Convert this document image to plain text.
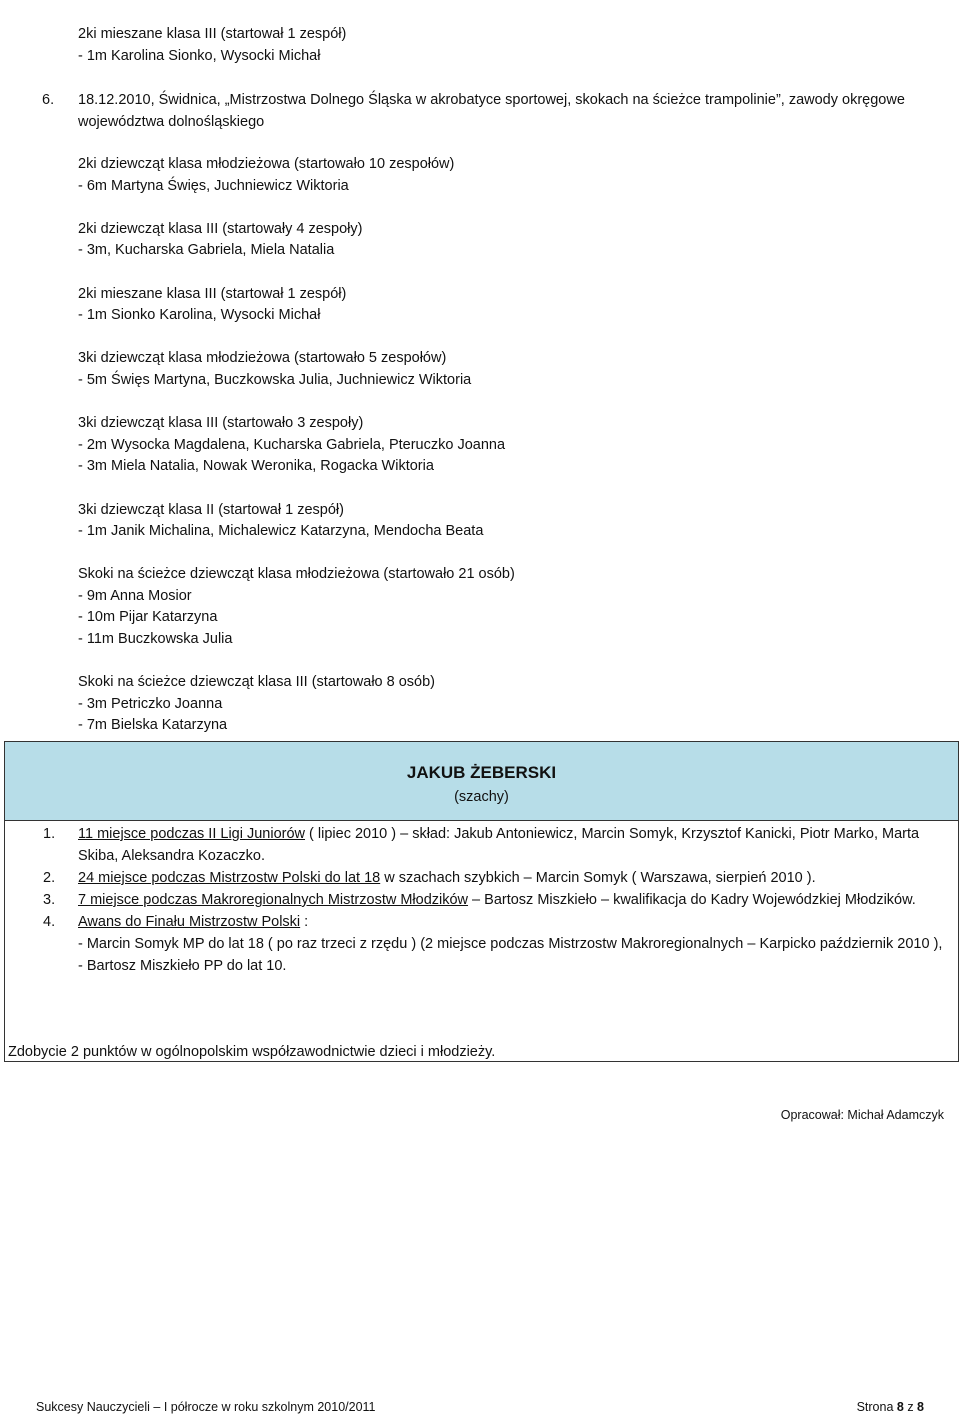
2ki mieszane klasa III (startował 1 zespół)
- 1m Karolina Sionko, Wysocki Michał
6. 18.12.2010, Świdnica, „Mistrzostwa Dolnego Śląska w akrobatyce sportowej, skokach na ścieżce trampolinie”, zawody okręgowe województwa dolnośląskiego
2ki dziewcząt klasa młodzieżowa (startowało 10 zespołów)
- 6m Martyna Święs, Juchniewicz Wiktoria
2ki dziewcząt klasa III (startowały 4 zespoły)
- 3m, Kucharska Gabriela, Miela Natalia
2ki mieszane klasa III (startował 1 zespół)
- 1m Sionko Karolina, Wysocki Michał
3ki dziewcząt klasa młodzieżowa (startowało 5 zespołów)
- 5m Święs Martyna, Buczkowska Julia, Juchniewicz Wiktoria
3ki dziewcząt klasa III (startowało 3 zespoły)
- 2m Wysocka Magdalena, Kucharska Gabriela, Pteruczko Joanna
- 3m Miela Natalia, Nowak Weronika, Rogacka Wiktoria
3ki dziewcząt klasa II (startował 1 zespół)
- 1m Janik Michalina, Michalewicz Katarzyna, Mendocha Beata
Skoki na ścieżce dziewcząt klasa młodzieżowa (startowało 21 osób)
- 9m Anna Mosior
- 10m Pijar Katarzyna
- 11m Buczkowska Julia
Skoki na ścieżce dziewcząt klasa III (startowało 8 osób)
- 3m Petriczko Joanna
- 7m Bielska Katarzyna
JAKUB ŻEBERSKI
(szachy)
1. 11 miejsce podczas II Ligi Juniorów ( lipiec 2010 ) – skład: Jakub Antoniewicz, Marcin Somyk, Krzysztof Kanicki, Piotr Marko, Marta Skiba, Aleksandra Kozaczko.
2. 24 miejsce podczas Mistrzostw Polski do lat 18 w szachach szybkich – Marcin Somyk ( Warszawa, sierpień 2010 ).
3. 7 miejsce podczas Makroregionalnych Mistrzostw Młodzików – Bartosz Miszkieło – kwalifikacja do Kadry Wojewódzkiej Młodzików.
4. Awans do Finału Mistrzostw Polski :
- Marcin Somyk MP do lat 18 ( po raz trzeci z rzędu ) (2 miejsce podczas Mistrzostw Makroregionalnych – Karpicko październik 2010 ),
- Bartosz Miszkieło PP do lat 10.
Zdobycie 2 punktów w ogólnopolskim współzawodnictwie dzieci i młodzieży.
Opracował: Michał Adamczyk
Sukcesy Nauczycieli – I półrocze w roku szkolnym 2010/2011	Strona 8 z 8
